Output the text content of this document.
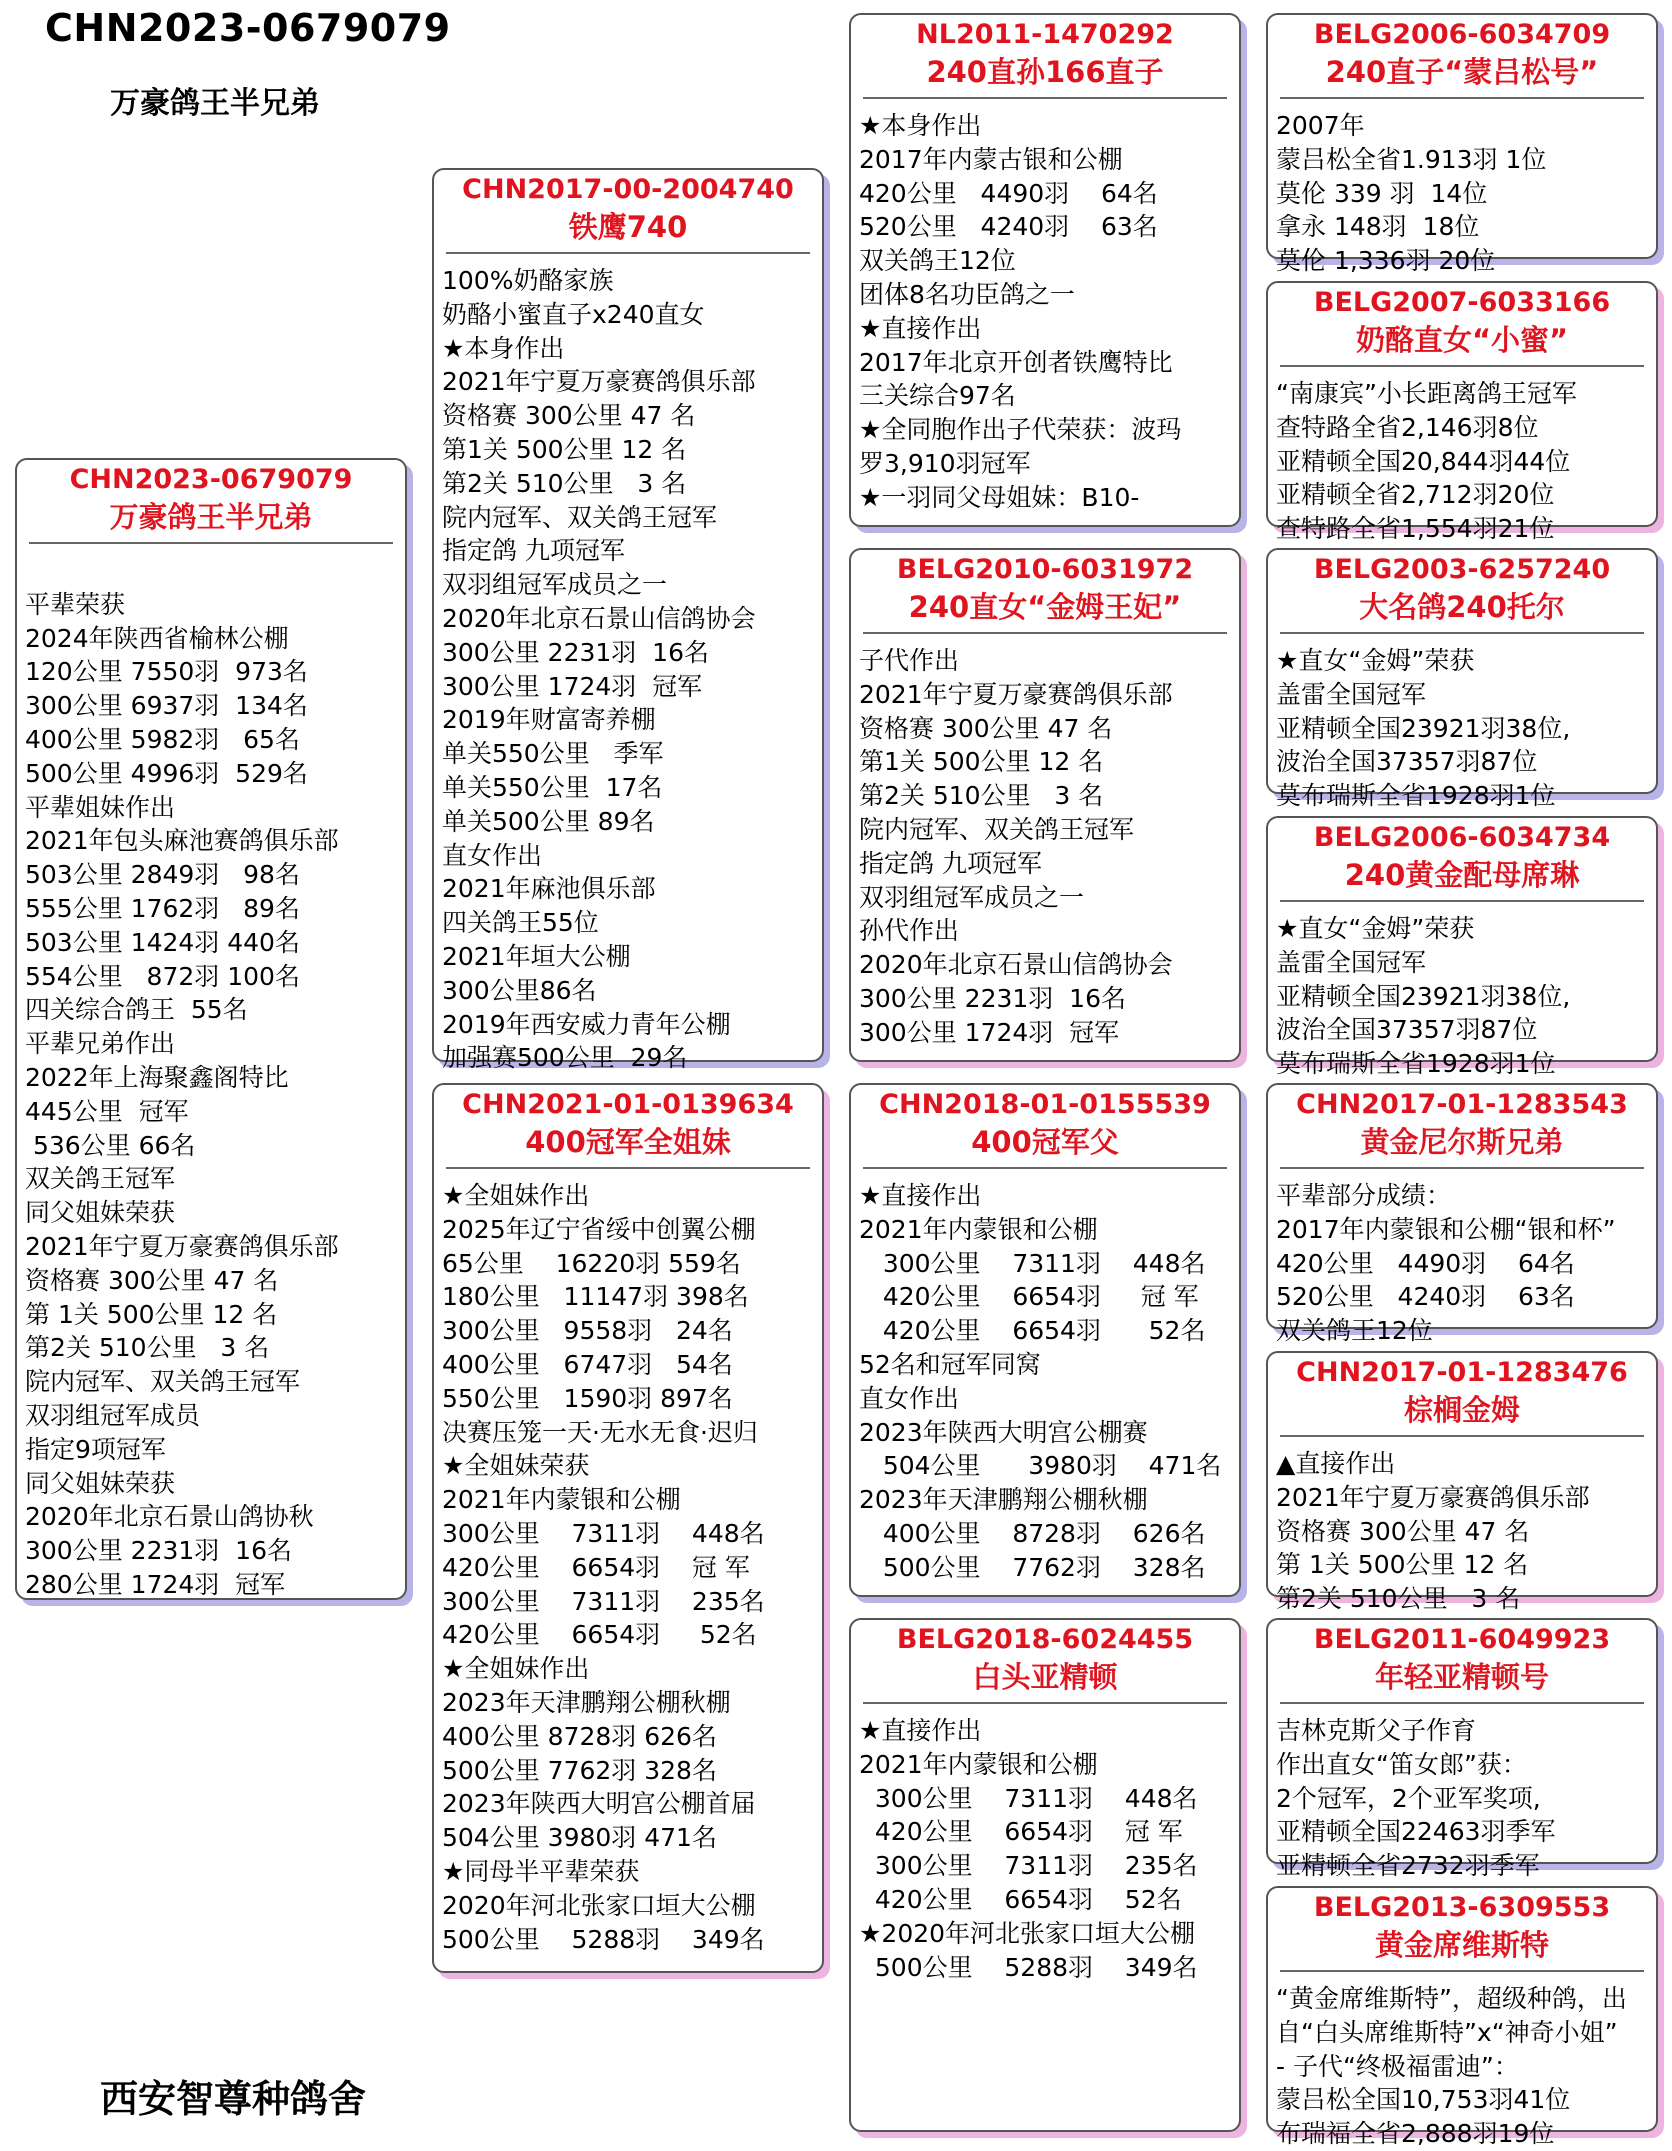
CHN2023-0679079
万豪鸽王半兄弟
西安智尊种鸽舍
CHN2023-0679079
万豪鸽王半兄弟
平辈荣获
2024年陕西省榆林公棚
120公里 7550羽  973名
300公里 6937羽  134名
400公里 5982羽   65名
500公里 4996羽  529名
平辈姐妹作出
2021年包头麻池赛鸽俱乐部
503公里 2849羽   98名
555公里 1762羽   89名
503公里 1424羽 440名
554公里   872羽 100名
四关综合鸽王  55名
平辈兄弟作出
2022年上海聚鑫阁特比
445公里  冠军
536公里 66名
双关鸽王冠军
同父姐妹荣获
2021年宁夏万豪赛鸽俱乐部
资格赛 300公里 47 名
第 1关 500公里 12 名
第2关 510公里   3 名
院内冠军、双关鸽王冠军
双羽组冠军成员
指定9项冠军
同父姐妹荣获
2020年北京石景山鸽协秋
300公里 2231羽  16名
280公里 1724羽  冠军
CHN2017-00-2004740
铁鹰740
100%奶酪家族
奶酪小蜜直子x240直女
★本身作出
2021年宁夏万豪赛鸽俱乐部
资格赛 300公里 47 名
第1关 500公里 12 名
第2关 510公里   3 名
院内冠军、双关鸽王冠军
指定鸽 九项冠军
双羽组冠军成员之一
2020年北京石景山信鸽协会
300公里 2231羽  16名
300公里 1724羽  冠军
2019年财富寄养棚
单关550公里   季军
单关550公里  17名
单关500公里 89名
直女作出
2021年麻池俱乐部
四关鸽王55位
2021年垣大公棚
300公里86名
2019年西安威力青年公棚
加强赛500公里  29名
CHN2021-01-0139634
400冠军全姐妹
★全姐妹作出
2025年辽宁省绥中创翼公棚
65公里    16220羽 559名
180公里   11147羽 398名
300公里   9558羽   24名
400公里   6747羽   54名
550公里   1590羽 897名
决赛压笼一天·无水无食·迟归
★全姐妹荣获
2021年内蒙银和公棚
300公里    7311羽    448名
420公里    6654羽    冠 军
300公里    7311羽    235名
420公里    6654羽     52名
★全姐妹作出
2023年天津鹏翔公棚秋棚
400公里 8728羽 626名
500公里 7762羽 328名
2023年陕西大明宫公棚首届
504公里 3980羽 471名
★同母半平辈荣获
2020年河北张家口垣大公棚
500公里    5288羽    349名
NL2011-1470292
240直孙166直子
★本身作出
2017年内蒙古银和公棚
420公里   4490羽    64名
520公里   4240羽    63名
双关鸽王12位
团体8名功臣鸽之一
★直接作出
2017年北京开创者铁鹰特比
三关综合97名
★全同胞作出子代荣获：波玛
罗3,910羽冠军
★一羽同父母姐妹：B10-
BELG2010-6031972
240直女“金姆王妃”
子代作出
2021年宁夏万豪赛鸽俱乐部
资格赛 300公里 47 名
第1关 500公里 12 名
第2关 510公里   3 名
院内冠军、双关鸽王冠军
指定鸽 九项冠军
双羽组冠军成员之一
孙代作出
2020年北京石景山信鸽协会
300公里 2231羽  16名
300公里 1724羽  冠军
CHN2018-01-0155539
400冠军父
★直接作出
2021年内蒙银和公棚
300公里    7311羽    448名
420公里    6654羽     冠 军
420公里    6654羽      52名
52名和冠军同窝
直女作出
2023年陕西大明宫公棚赛
504公里      3980羽    471名
2023年天津鹏翔公棚秋棚
400公里    8728羽    626名
500公里    7762羽    328名
BELG2018-6024455
白头亚精顿
★直接作出
2021年内蒙银和公棚
300公里    7311羽    448名
420公里    6654羽    冠 军
300公里    7311羽    235名
420公里    6654羽    52名
★2020年河北张家口垣大公棚
500公里    5288羽    349名
BELG2006-6034709
240直子“蒙吕松号”
2007年
蒙吕松全省1.913羽 1位
莫伦 339 羽  14位
拿永 148羽  18位
莫伦 1,336羽 20位
BELG2007-6033166
奶酪直女“小蜜”
“南康宾”小长距离鸽王冠军
查特路全省2,146羽8位
亚精顿全国20,844羽44位
亚精顿全省2,712羽20位
查特路全省1,554羽21位
BELG2003-6257240
大名鸽240托尔
★直女“金姆”荣获
盖雷全国冠军
亚精顿全国23921羽38位,
波治全国37357羽87位
莫布瑞斯全省1928羽1位
BELG2006-6034734
240黄金配母席琳
★直女“金姆”荣获
盖雷全国冠军
亚精顿全国23921羽38位,
波治全国37357羽87位
莫布瑞斯全省1928羽1位
CHN2017-01-1283543
黄金尼尔斯兄弟
平辈部分成绩：
2017年内蒙银和公棚“银和杯”
420公里   4490羽    64名
520公里   4240羽    63名
双关鸽王12位
CHN2017-01-1283476
棕榈金姆
▲直接作出
2021年宁夏万豪赛鸽俱乐部
资格赛 300公里 47 名
第 1关 500公里 12 名
第2关 510公里   3 名
BELG2011-6049923
年轻亚精顿号
吉林克斯父子作育
作出直女“笛女郎”获：
2个冠军，2个亚军奖项,
亚精顿全国22463羽季军
亚精顿全省2732羽季军
BELG2013-6309553
黄金席维斯特
“黄金席维斯特”，超级种鸽，出
自“白头席维斯特”x“神奇小姐”
- 子代“终极福雷迪”：
蒙吕松全国10,753羽41位
布瑞福全省2,888羽19位
